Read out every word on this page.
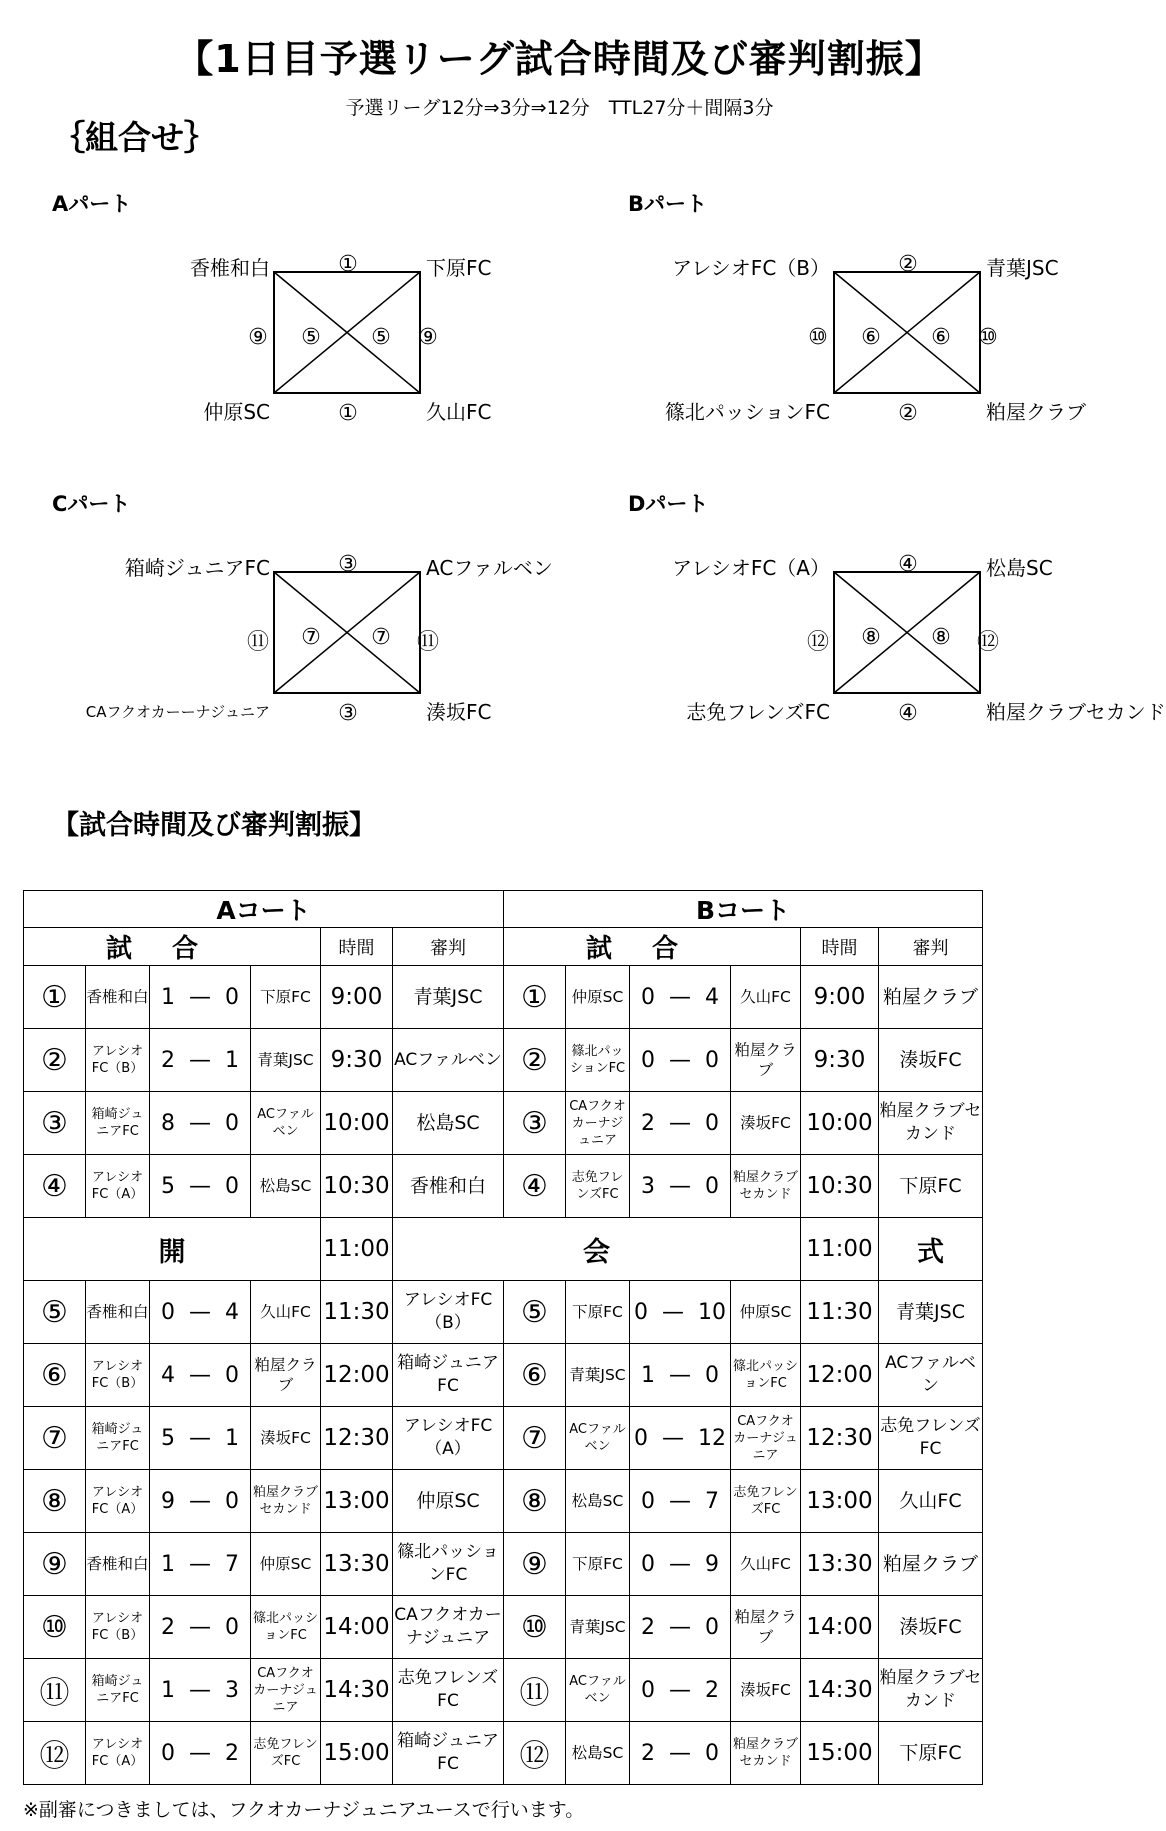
【1日目予選リーグ試合時間及び審判割振】
予選リーグ12分⇒3分⇒12分　TTL27分＋間隔3分
｛組合せ｝
Aパート
香椎和白	下原FC
仲原SC	久山FC
①
①
⑨	⑨
⑤ ⑤
Bパート
アレシオFC（B）	青葉JSC
篠北パッションFC	粕屋クラブ
②
②
⑩	⑩
⑥ ⑥
Cパート
箱崎ジュニアFC	ACファルベン
CAフクオカーーナジュニア	湊坂FC
③
③
⑪	⑪
⑦ ⑦
Dパート
アレシオFC（A）	松島SC
志免フレンズFC	粕屋クラブセカンド
④
④
⑫	⑫
⑧ ⑧
【試合時間及び審判割振】
Aコート						Bコート					
試合				時間	審判	試合				時間	審判
①	香椎和白	1 — 0	下原FC	9:00	青葉JSC	①	仲原SC	0 — 4	久山FC	9:00	粕屋クラブ
②	アレシオFC（B）	2 — 1	青葉JSC	9:30	ACファルベン	②	篠北パッションFC	0 — 0	粕屋クラブ	9:30	湊坂FC
③	箱崎ジュニアFC	8 — 0	ACファルベン	10:00	松島SC	③	CAフクオカーナジュニア	2 — 0	湊坂FC	10:00	粕屋クラブセカンド
④	アレシオFC（A）	5 — 0	松島SC	10:30	香椎和白	④	志免フレンズFC	3 — 0	粕屋クラブセカンド	10:30	下原FC
開				11:00	会					11:00	式
⑤	香椎和白	0 — 4	久山FC	11:30	アレシオFC（B）	⑤	下原FC	0 — 10	仲原SC	11:30	青葉JSC
⑥	アレシオFC（B）	4 — 0	粕屋クラブ	12:00	箱崎ジュニアFC	⑥	青葉JSC	1 — 0	篠北パッションFC	12:00	ACファルベン
⑦	箱崎ジュニアFC	5 — 1	湊坂FC	12:30	アレシオFC（A）	⑦	ACファルベン	0 — 12	CAフクオカーナジュニア	12:30	志免フレンズFC
⑧	アレシオFC（A）	9 — 0	粕屋クラブセカンド	13:00	仲原SC	⑧	松島SC	0 — 7	志免フレンズFC	13:00	久山FC
⑨	香椎和白	1 — 7	仲原SC	13:30	篠北パッションFC	⑨	下原FC	0 — 9	久山FC	13:30	粕屋クラブ
⑩	アレシオFC（B）	2 — 0	篠北パッションFC	14:00	CAフクオカーナジュニア	⑩	青葉JSC	2 — 0	粕屋クラブ	14:00	湊坂FC
⑪	箱崎ジュニアFC	1 — 3	CAフクオカーナジュニア	14:30	志免フレンズFC	⑪	ACファルベン	0 — 2	湊坂FC	14:30	粕屋クラブセカンド
⑫	アレシオFC（A）	0 — 2	志免フレンズFC	15:00	箱崎ジュニアFC	⑫	松島SC	2 — 0	粕屋クラブセカンド	15:00	下原FC
※副審につきましては、フクオカーナジュニアユースで行います。
